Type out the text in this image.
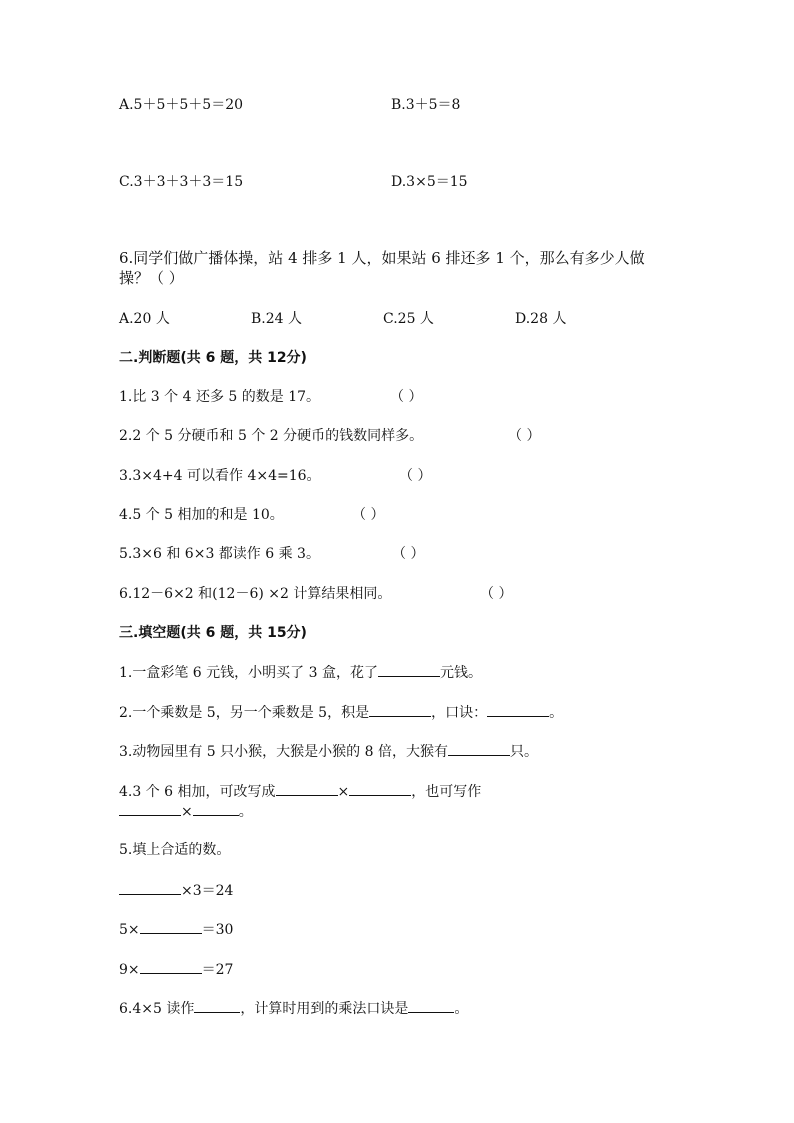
A.5＋5＋5＋5＝20	B.3＋5＝8
C.3＋3＋3＋3＝15	D.3×5＝15
6.同学们做广播体操，站 4 排多 1 人，如果站 6 排还多 1 个，那么有多少人做
操？（ ）
A.20 人	B.24 人	C.25 人	D.28 人
二.判断题(共 6 题，共 12分)
1.比 3 个 4 还多 5 的数是 17。	（ ）
2.2 个 5 分硬币和 5 个 2 分硬币的钱数同样多。	（ ）
3.3×4+4 可以看作 4×4=16。	（ ）
4.5 个 5 相加的和是 10。	（ ）
5.3×6 和 6×3 都读作 6 乘 3。	（ ）
6.12－6×2 和(12－6) ×2 计算结果相同。	（ ）
三.填空题(共 6 题，共 15分)
1.一盒彩笔 6 元钱，小明买了 3 盒，花了	元钱。
2.一个乘数是 5，另一个乘数是 5，积是	，口诀：	。
3.动物园里有 5 只小猴，大猴是小猴的 8 倍，大猴有	只。
4.3 个 6 相加，可改写成	×	，也可写作
×	。
5.填上合适的数。
×3＝24
5×	＝30
9×	＝27
6.4×5 读作	，计算时用到的乘法口诀是	。
